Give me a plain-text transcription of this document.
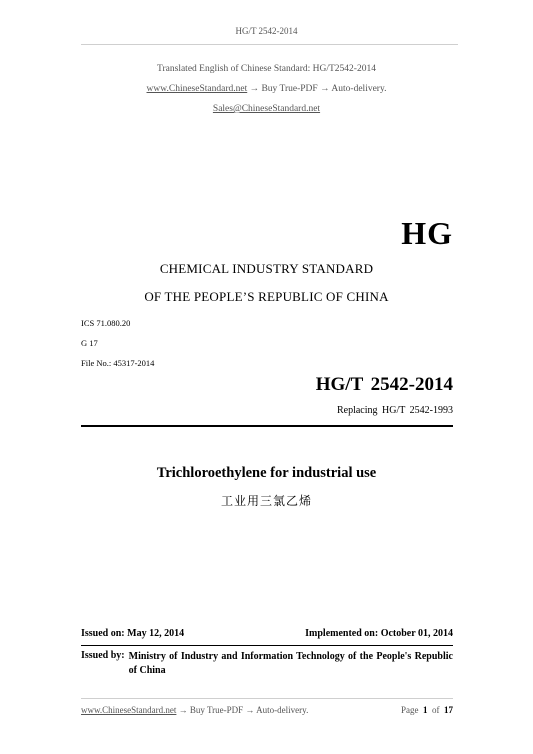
HG/T 2542-2014
Translated English of Chinese Standard: HG/T2542-2014
www.ChineseStandard.net → Buy True-PDF → Auto-delivery.
Sales@ChineseStandard.net
HG
CHEMICAL INDUSTRY STANDARD
OF THE PEOPLE’S REPUBLIC OF CHINA
ICS 71.080.20
G 17
File No.: 45317-2014
HG/T 2542-2014
Replacing HG/T 2542-1993
Trichloroethylene for industrial use
工业用三氯乙烯
Issued on: May 12, 2014	Implemented on: October 01, 2014
Issued by: Ministry of Industry and Information Technology of the People's Republic of China
www.ChineseStandard.net → Buy True-PDF → Auto-delivery.	Page 1 of 17
